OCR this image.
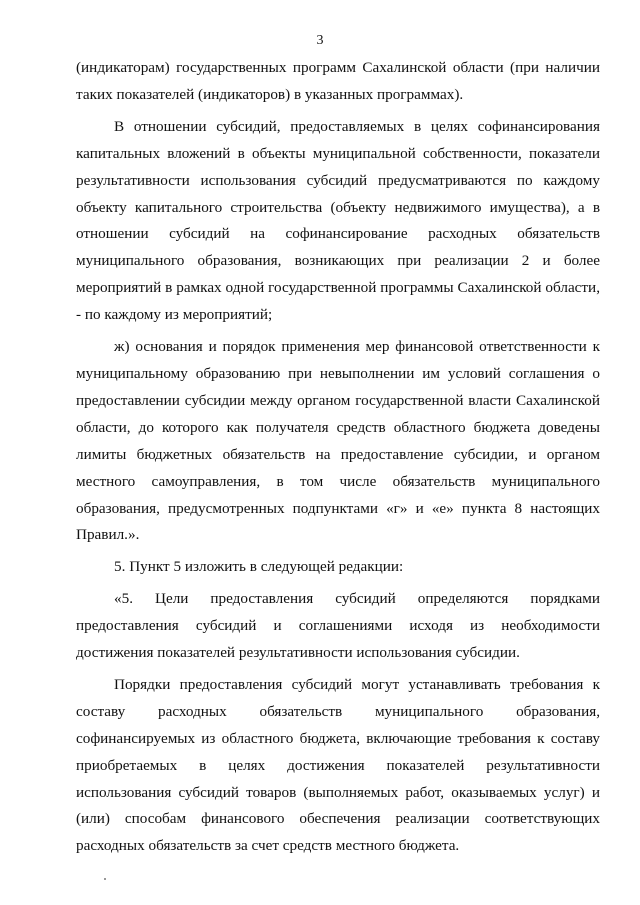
3

(индикаторам) государственных программ Сахалинской области (при наличии таких показателей (индикаторов) в указанных программах).

В отношении субсидий, предоставляемых в целях софинансирования капитальных вложений в объекты муниципальной собственности, показатели результативности использования субсидий предусматриваются по каждому объекту капитального строительства (объекту недвижимого имущества), а в отношении субсидий на софинансирование расходных обязательств муниципального образования, возникающих при реализации 2 и более мероприятий в рамках одной государственной программы Сахалинской области, - по каждому из мероприятий;

ж) основания и порядок применения мер финансовой ответственности к муниципальному образованию при невыполнении им условий соглашения о предоставлении субсидии между органом государственной власти Сахалинской области, до которого как получателя средств областного бюджета доведены лимиты бюджетных обязательств на предоставление субсидии, и органом местного самоуправления, в том числе обязательств муниципального образования, предусмотренных подпунктами «г» и «е» пункта 8 настоящих Правил.».

5. Пункт 5 изложить в следующей редакции:

«5. Цели предоставления субсидий определяются порядками предоставления субсидий и соглашениями исходя из необходимости достижения показателей результативности использования субсидии.

Порядки предоставления субсидий могут устанавливать требования к составу расходных обязательств муниципального образования, софинансируемых из областного бюджета, включающие требования к составу приобретаемых в целях достижения показателей результативности использования субсидий товаров (выполняемых работ, оказываемых услуг) и (или) способам финансового обеспечения реализации соответствующих расходных обязательств за счет средств местного бюджета.
